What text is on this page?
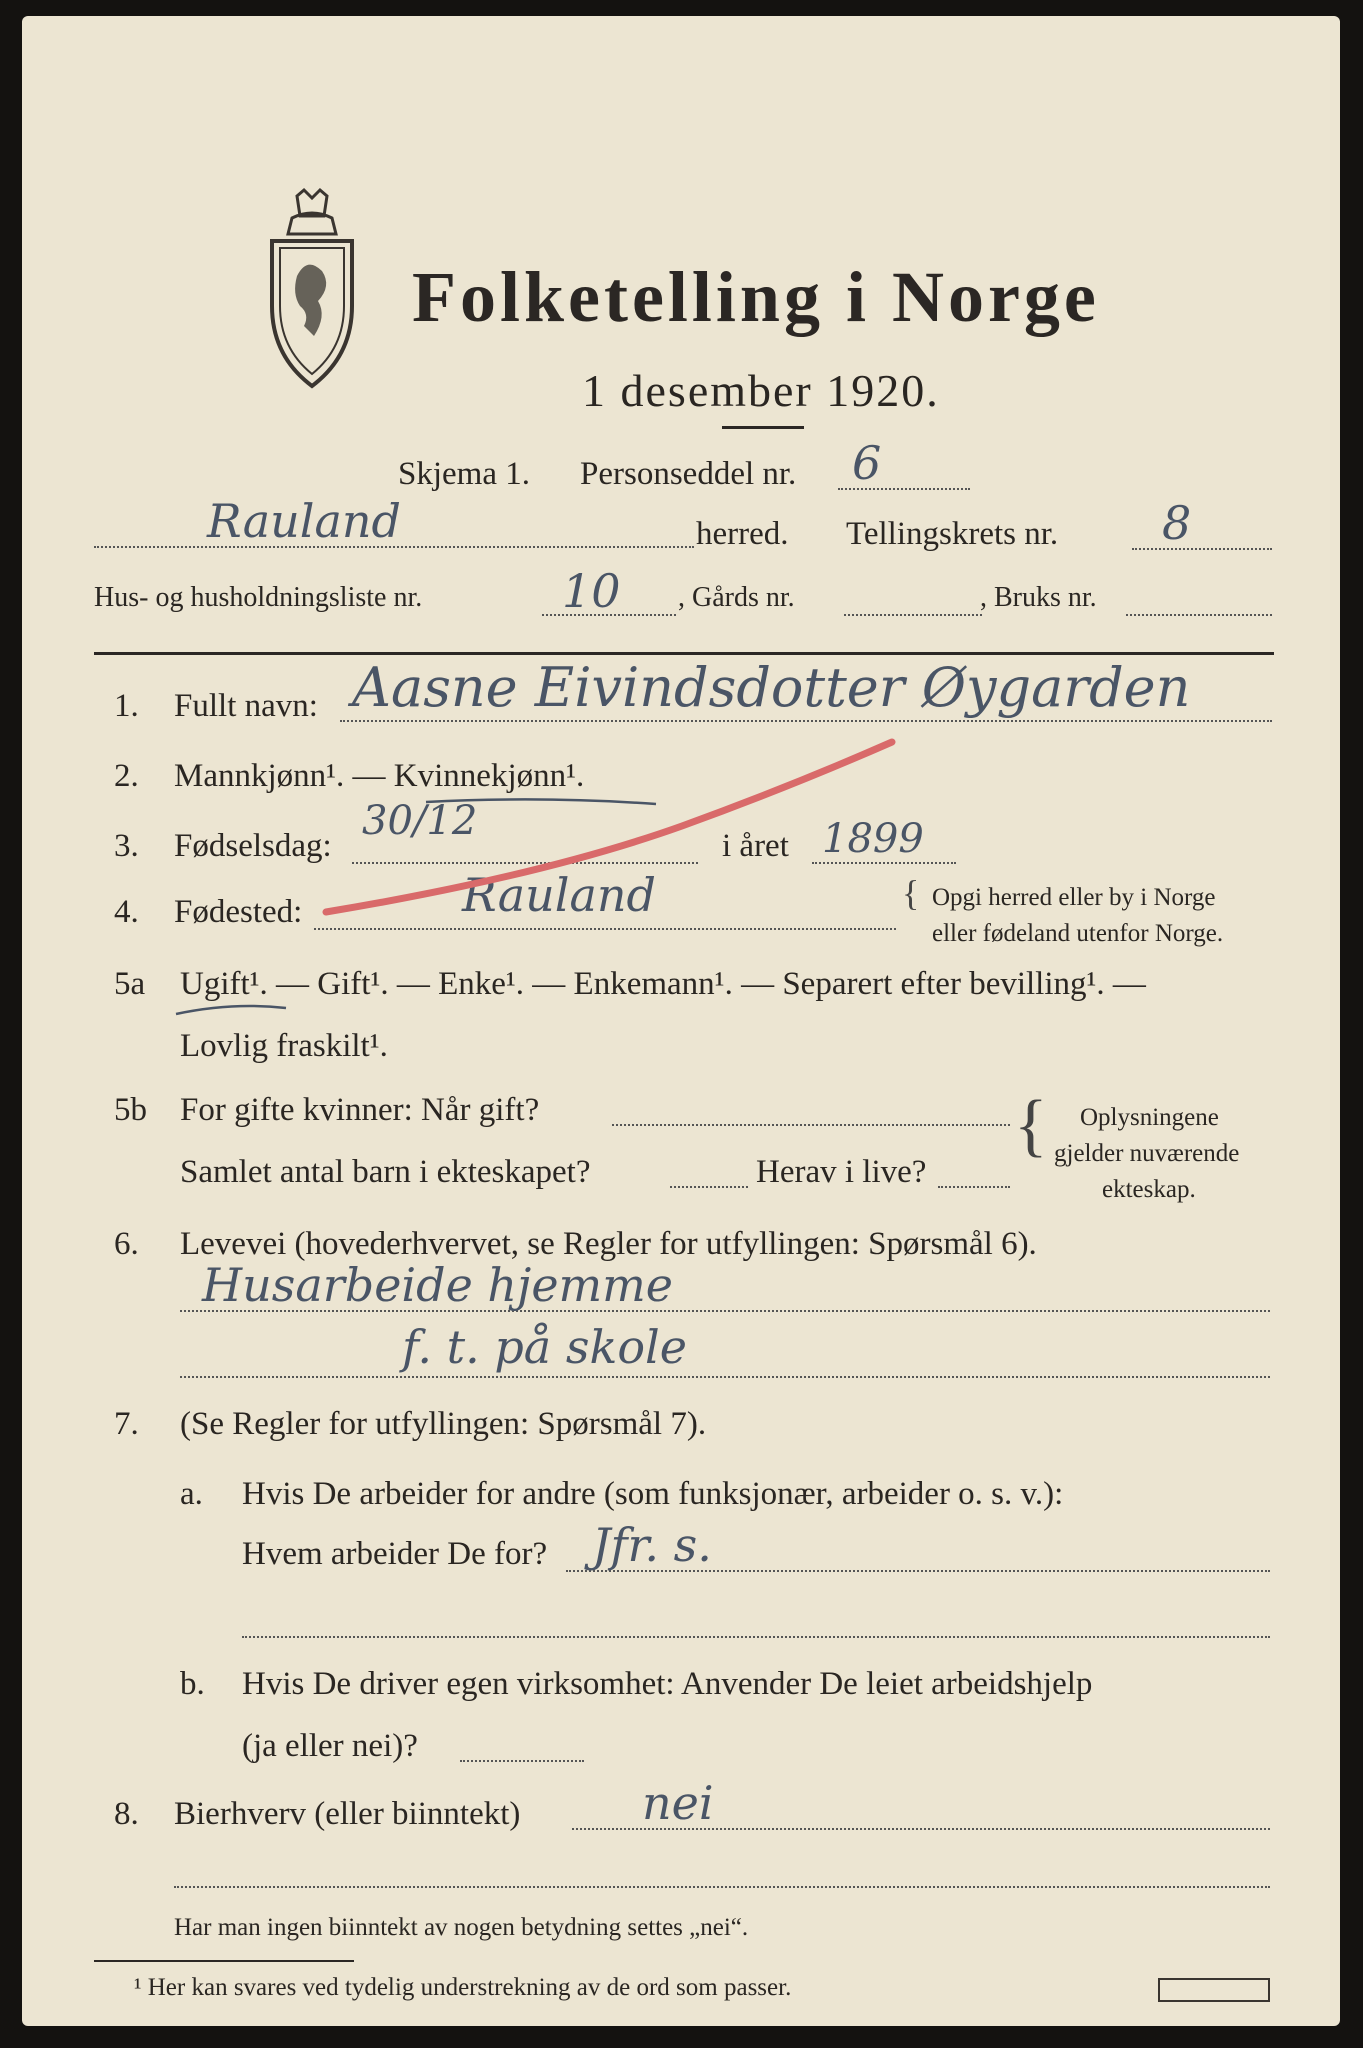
Folketelling i Norge
1 desember 1920.
Skjema 1. Personseddel nr. 6
Rauland	herred. Tellingskrets nr. 8
Hus- og husholdningsliste nr.	10 , Gårds nr.	, Bruks nr.
1. Fullt navn: Aasne Eivindsdotter Øygarden
2. Mannkjønn¹. — Kvinnekjønn¹.
3. Fødselsdag:
30/12
i året 1899
4. Fødested:	Rauland	{ Opgi herred eller by i Norge
eller fødeland utenfor Norge.
5a Ugift¹. — Gift¹. — Enke¹. — Enkemann¹. — Separert efter bevilling¹. —
Lovlig fraskilt¹.
5b For gifte kvinner: Når gift?
Samlet antal barn i ekteskapet?	Herav i live?
{ Oplysningene
gjelder nuværende
ekteskap.
6. Levevei (hovederhvervet, se Regler for utfyllingen: Spørsmål 6).
Husarbeide hjemme
f. t. på skole
7. (Se Regler for utfyllingen: Spørsmål 7).
a. Hvis De arbeider for andre (som funksjonær, arbeider o. s. v.):
Hvem arbeider De for? Jfr. s.
b. Hvis De driver egen virksomhet: Anvender De leiet arbeidshjelp
(ja eller nei)?
8. Bierhverv (eller biinntekt)	nei
Har man ingen biinntekt av nogen betydning settes „nei“.
¹ Her kan svares ved tydelig understrekning av de ord som passer.
